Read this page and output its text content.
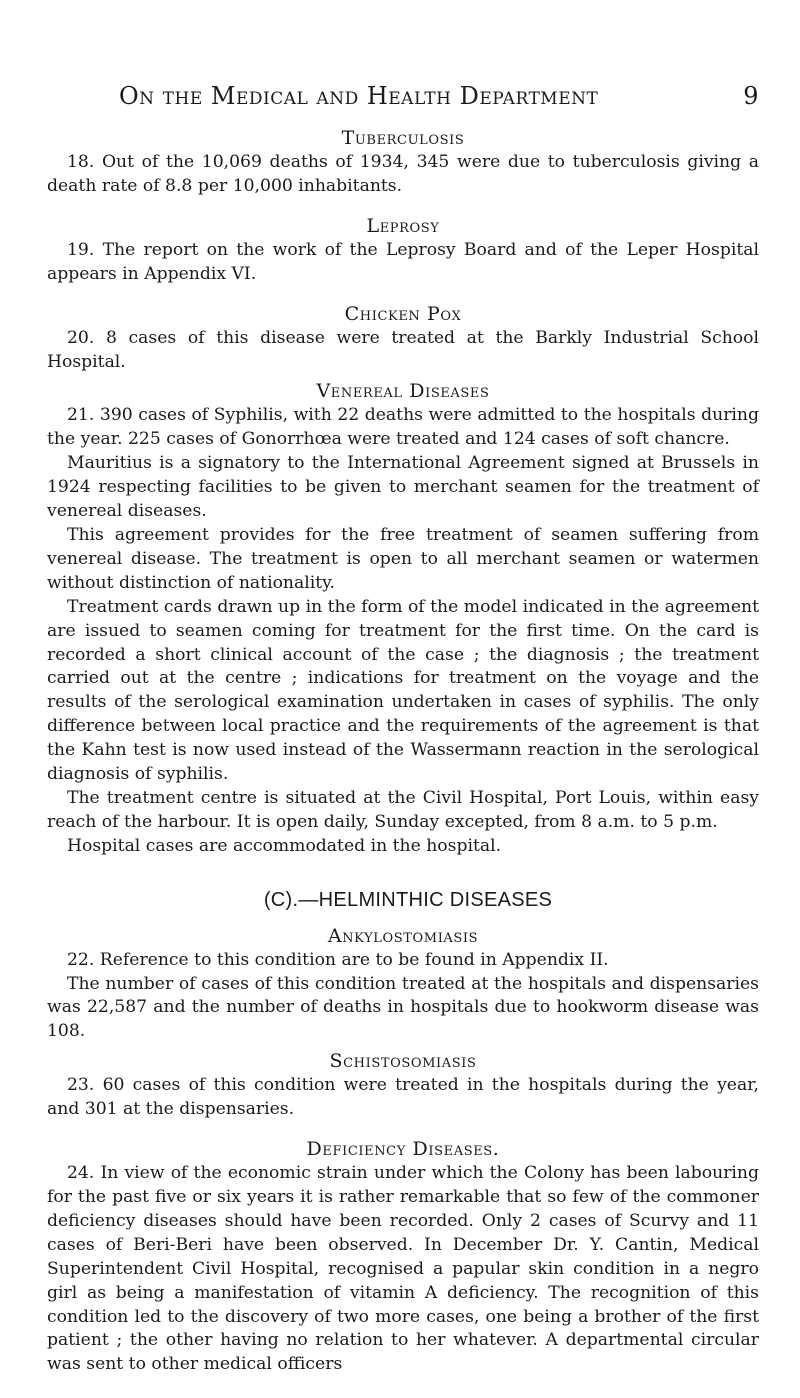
On the Medical and Health Department	9
Tuberculosis

18. Out of the 10,069 deaths of 1934, 345 were due to tuberculosis giving a death rate of 8.8 per 10,000 inhabitants.

Leprosy

19. The report on the work of the Leprosy Board and of the Leper Hospital appears in Appendix VI.

Chicken Pox

20. 8 cases of this disease were treated at the Barkly Industrial School Hospital.

Venereal Diseases

21. 390 cases of Syphilis, with 22 deaths were admitted to the hospitals during the year. 225 cases of Gonorrhœa were treated and 124 cases of soft chancre.

Mauritius is a signatory to the International Agreement signed at Brussels in 1924 respecting facilities to be given to merchant seamen for the treatment of venereal diseases.

This agreement provides for the free treatment of seamen suffering from venereal disease. The treatment is open to all merchant seamen or watermen without distinction of nationality.

Treatment cards drawn up in the form of the model indicated in the agreement are issued to seamen coming for treatment for the first time. On the card is recorded a short clinical account of the case ; the diagnosis ; the treatment carried out at the centre ; indications for treatment on the voyage and the results of the serological examination undertaken in cases of syphilis. The only difference between local practice and the requirements of the agreement is that the Kahn test is now used instead of the Wassermann reaction in the serological diagnosis of syphilis.

The treatment centre is situated at the Civil Hospital, Port Louis, within easy reach of the harbour. It is open daily, Sunday excepted, from 8 a.m. to 5 p.m.

Hospital cases are accommodated in the hospital.

(C).—HELMINTHIC DISEASES
Ankylostomiasis

22. Reference to this condition are to be found in Appendix II.

The number of cases of this condition treated at the hospitals and dispensaries was 22,587 and the number of deaths in hospitals due to hookworm disease was 108.

Schistosomiasis

23. 60 cases of this condition were treated in the hospitals during the year, and 301 at the dispensaries.

Deficiency Diseases.

24. In view of the economic strain under which the Colony has been labouring for the past five or six years it is rather remarkable that so few of the commoner deficiency diseases should have been recorded. Only 2 cases of Scurvy and 11 cases of Beri-Beri have been observed. In December Dr. Y. Cantin, Medical Superintendent Civil Hospital, recognised a papular skin condition in a negro girl as being a manifestation of vitamin A deficiency. The recognition of this condition led to the discovery of two more cases, one being a brother of the first patient ; the other having no relation to her whatever. A departmental circular was sent to other medical officers
